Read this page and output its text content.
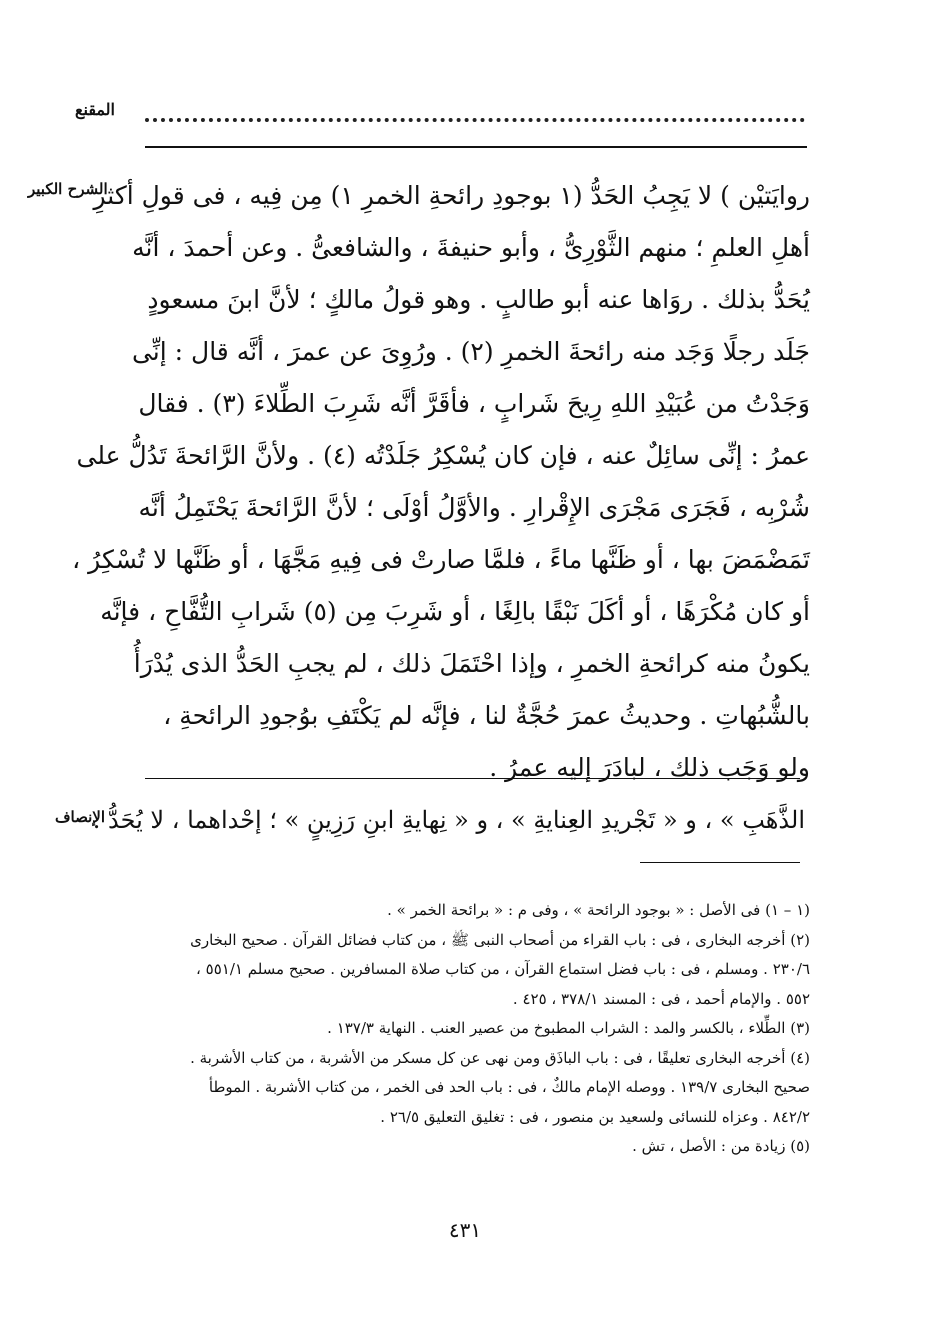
المقنع
الشرح الكبير
روايَتيْن ) لا يَجِبُ الحَدُّ (١ بوجودِ رائحةِ الخمرِ ١) مِن فِيه ، فى قولِ أكثرِ
أهلِ العلمِ ؛ منهم الثَّوْرِىُّ ، وأبو حنيفةَ ، والشافعىُّ . وعن أحمدَ ، أنَّه
يُحَدُّ بذلك . روَاها عنه أبو طالبٍ . وهو قولُ مالكٍ ؛ لأنَّ ابنَ مسعودٍ
جَلَد رجلًا وَجَد منه رائحةَ الخمرِ (٢) . ورُوِىَ عن عمرَ ، أنَّه قال : إنِّى
وَجَدْتُ من عُبَيْدِ اللهِ رِيحَ شَرابٍ ، فأقَرَّ أنَّه شَرِبَ الطِّلاءَ (٣) . فقال
عمرُ : إنِّى سائِلٌ عنه ، فإن كان يُسْكِرُ جَلَدْتُه (٤) . ولأنَّ الرَّائحةَ تَدُلُّ على
شُرْبِه ، فَجَرَى مَجْرَى الإِقْرارِ . والأوَّلُ أوْلَى ؛ لأنَّ الرَّائحةَ يَحْتَمِلُ أنَّه
تَمَضْمَضَ بها ، أو ظَنَّها ماءً ، فلمَّا صارتْ فى فِيهِ مَجَّهَا ، أو ظَنَّها لا تُسْكِرُ ،
أو كان مُكْرَهًا ، أو أكَلَ نَبْقًا بالِغًا ، أو شَرِبَ مِن (٥) شَرابِ التُّفَّاحِ ، فإنَّه
يكونُ منه كرائحةِ الخمرِ ، وإذا احْتَمَلَ ذلك ، لم يجبِ الحَدُّ الذى يُدْرَأُ
بالشُّبُهاتِ . وحديثُ عمرَ حُجَّةٌ لنا ، فإنَّه لم يَكْتَفِ بوُجودِ الرائحةِ ،
ولو وَجَب ذلك ، لبادَرَ إليه عمرُ .
الإنصاف
الذَّهَبِ » ، و « تَجْريدِ العِنايةِ » ، و « نِهايةِ ابنِ رَزِينٍ » ؛ إحْداهما ، لا يُحَدُّ .
(١ – ١) فى الأصل : « بوجود الرائحة » ، وفى م : « برائحة الخمر » .
(٢) أخرجه البخارى ، فى : باب القراء من أصحاب النبى ﷺ ، من كتاب فضائل القرآن . صحيح البخارى
٢٣٠/٦ . ومسلم ، فى : باب فضل استماع القرآن ، من كتاب صلاة المسافرين . صحيح مسلم ٥٥١/١ ،
٥٥٢ . والإمام أحمد ، فى : المسند ٣٧٨/١ ، ٤٢٥ .
(٣) الطِّلاء ، بالكسر والمد : الشراب المطبوخ من عصير العنب . النهاية ١٣٧/٣ .
(٤) أخرجه البخارى تعليقًا ، فى : باب الباذَق ومن نهى عن كل مسكر من الأشربة ، من كتاب الأشربة .
صحيح البخارى ١٣٩/٧ . ووصله الإمام مالكٌ ، فى : باب الحد فى الخمر ، من كتاب الأشربة . الموطأ
٨٤٢/٢ . وعزاه للنسائى ولسعيد بن منصور ، فى : تغليق التعليق ٢٦/٥ .
(٥) زيادة من : الأصل ، تش .
٤٣١
